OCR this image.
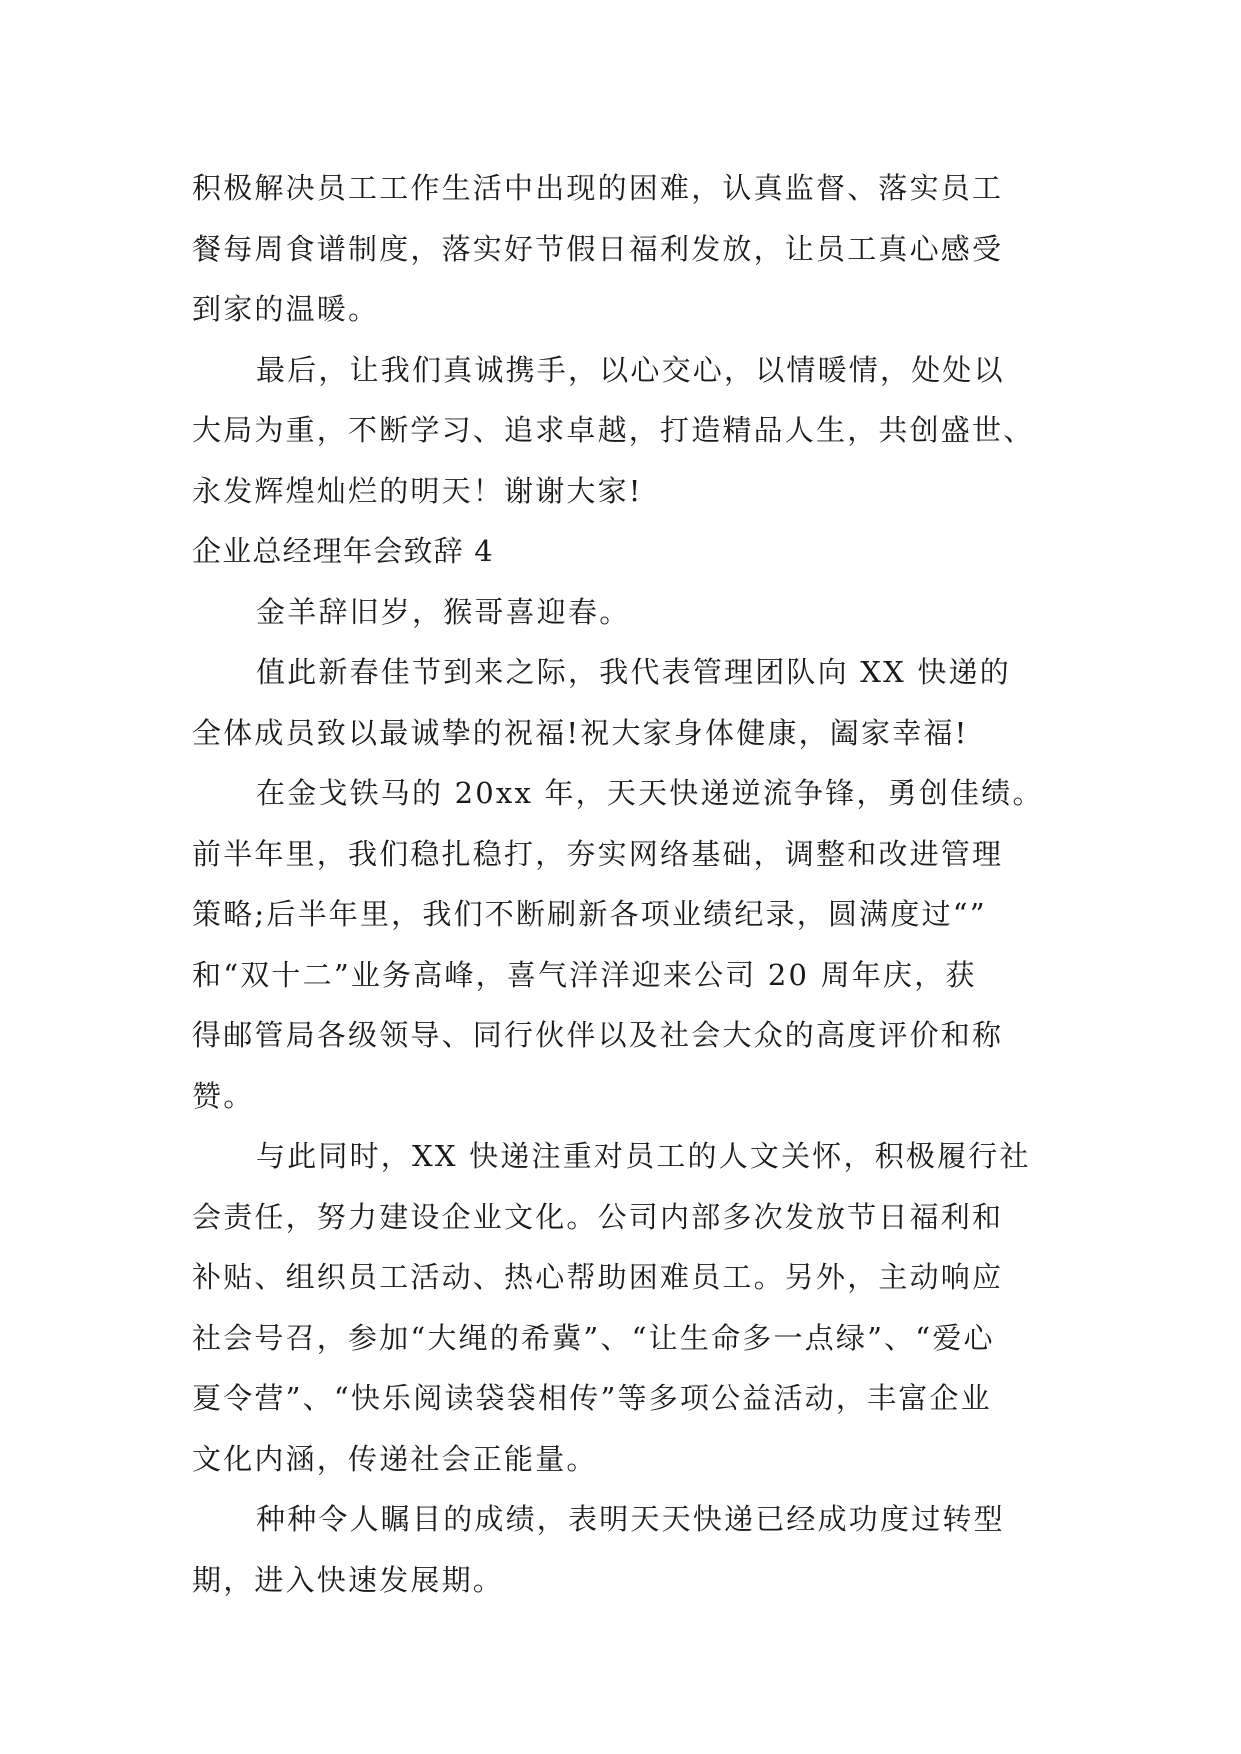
积极解决员工工作生活中出现的困难，认真监督、落实员工
餐每周食谱制度，落实好节假日福利发放，让员工真心感受
到家的温暖。
最后，让我们真诚携手，以心交心，以情暖情，处处以
大局为重，不断学习、追求卓越，打造精品人生，共创盛世、
永发辉煌灿烂的明天！谢谢大家!
企业总经理年会致辞 4
金羊辞旧岁，猴哥喜迎春。
值此新春佳节到来之际，我代表管理团队向 XX 快递的
全体成员致以最诚挚的祝福!祝大家身体健康，阖家幸福!
在金戈铁马的 20xx 年，天天快递逆流争锋，勇创佳绩。
前半年里，我们稳扎稳打，夯实网络基础，调整和改进管理
策略;后半年里，我们不断刷新各项业绩纪录，圆满度过“”
和“双十二”业务高峰，喜气洋洋迎来公司 20 周年庆，获
得邮管局各级领导、同行伙伴以及社会大众的高度评价和称
赞。
与此同时，XX 快递注重对员工的人文关怀，积极履行社
会责任，努力建设企业文化。公司内部多次发放节日福利和
补贴、组织员工活动、热心帮助困难员工。另外，主动响应
社会号召，参加“大绳的希冀”、“让生命多一点绿”、“爱心
夏令营”、“快乐阅读袋袋相传”等多项公益活动，丰富企业
文化内涵，传递社会正能量。
种种令人瞩目的成绩，表明天天快递已经成功度过转型
期，进入快速发展期。
